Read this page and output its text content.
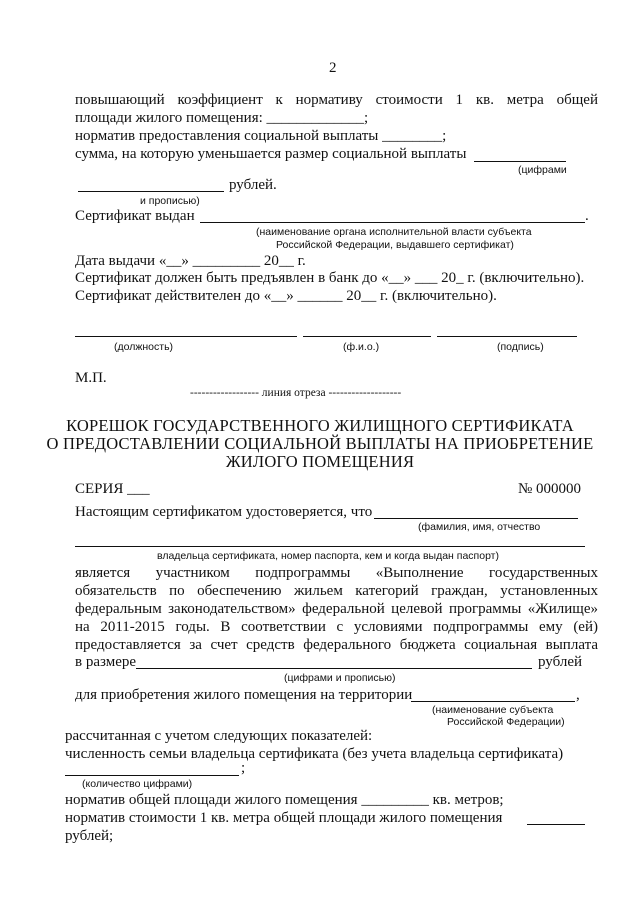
2
повышающий коэффициент к нормативу стоимости 1 кв. метра общей
площади жилого помещения: _____________;
норматив предоставления социальной выплаты ________;
сумма, на которую уменьшается размер социальной выплаты
(цифрами
рублей.
и прописью)
Сертификат выдан	.
(наименование органа исполнительной власти субъекта
Российской Федерации, выдавшего сертификат)
Дата выдачи «__» _________ 20__ г.
Сертификат должен быть предъявлен в банк до «__» ___ 20_ г. (включительно).
Сертификат действителен до «__» ______ 20__ г. (включительно).
(должность)	(ф.и.о.)	(подпись)
М.П.
------------------ линия отреза -------------------
КОРЕШОК ГОСУДАРСТВЕННОГО ЖИЛИЩНОГО СЕРТИФИКАТА
О ПРЕДОСТАВЛЕНИИ СОЦИАЛЬНОЙ ВЫПЛАТЫ НА ПРИОБРЕТЕНИЕ
ЖИЛОГО ПОМЕЩЕНИЯ
СЕРИЯ ___	№ 000000
Настоящим сертификатом удостоверяется, что
(фамилия, имя, отчество
владельца сертификата, номер паспорта, кем и когда выдан паспорт)
является участником подпрограммы «Выполнение государственных
обязательств по обеспечению жильем категорий граждан, установленных
федеральным законодательством» федеральной целевой программы «Жилище»
на 2011-2015 годы. В соответствии с условиями подпрограммы ему (ей)
предоставляется за счет средств федерального бюджета социальная выплата
в размере	рублей
(цифрами и прописью)
для приобретения жилого помещения на территории	,
(наименование субъекта
Российской Федерации)
рассчитанная с учетом следующих показателей:
численность семьи владельца сертификата (без учета владельца сертификата)
;
(количество цифрами)
норматив общей площади жилого помещения _________ кв. метров;
норматив стоимости 1 кв. метра общей площади жилого помещения
рублей;
